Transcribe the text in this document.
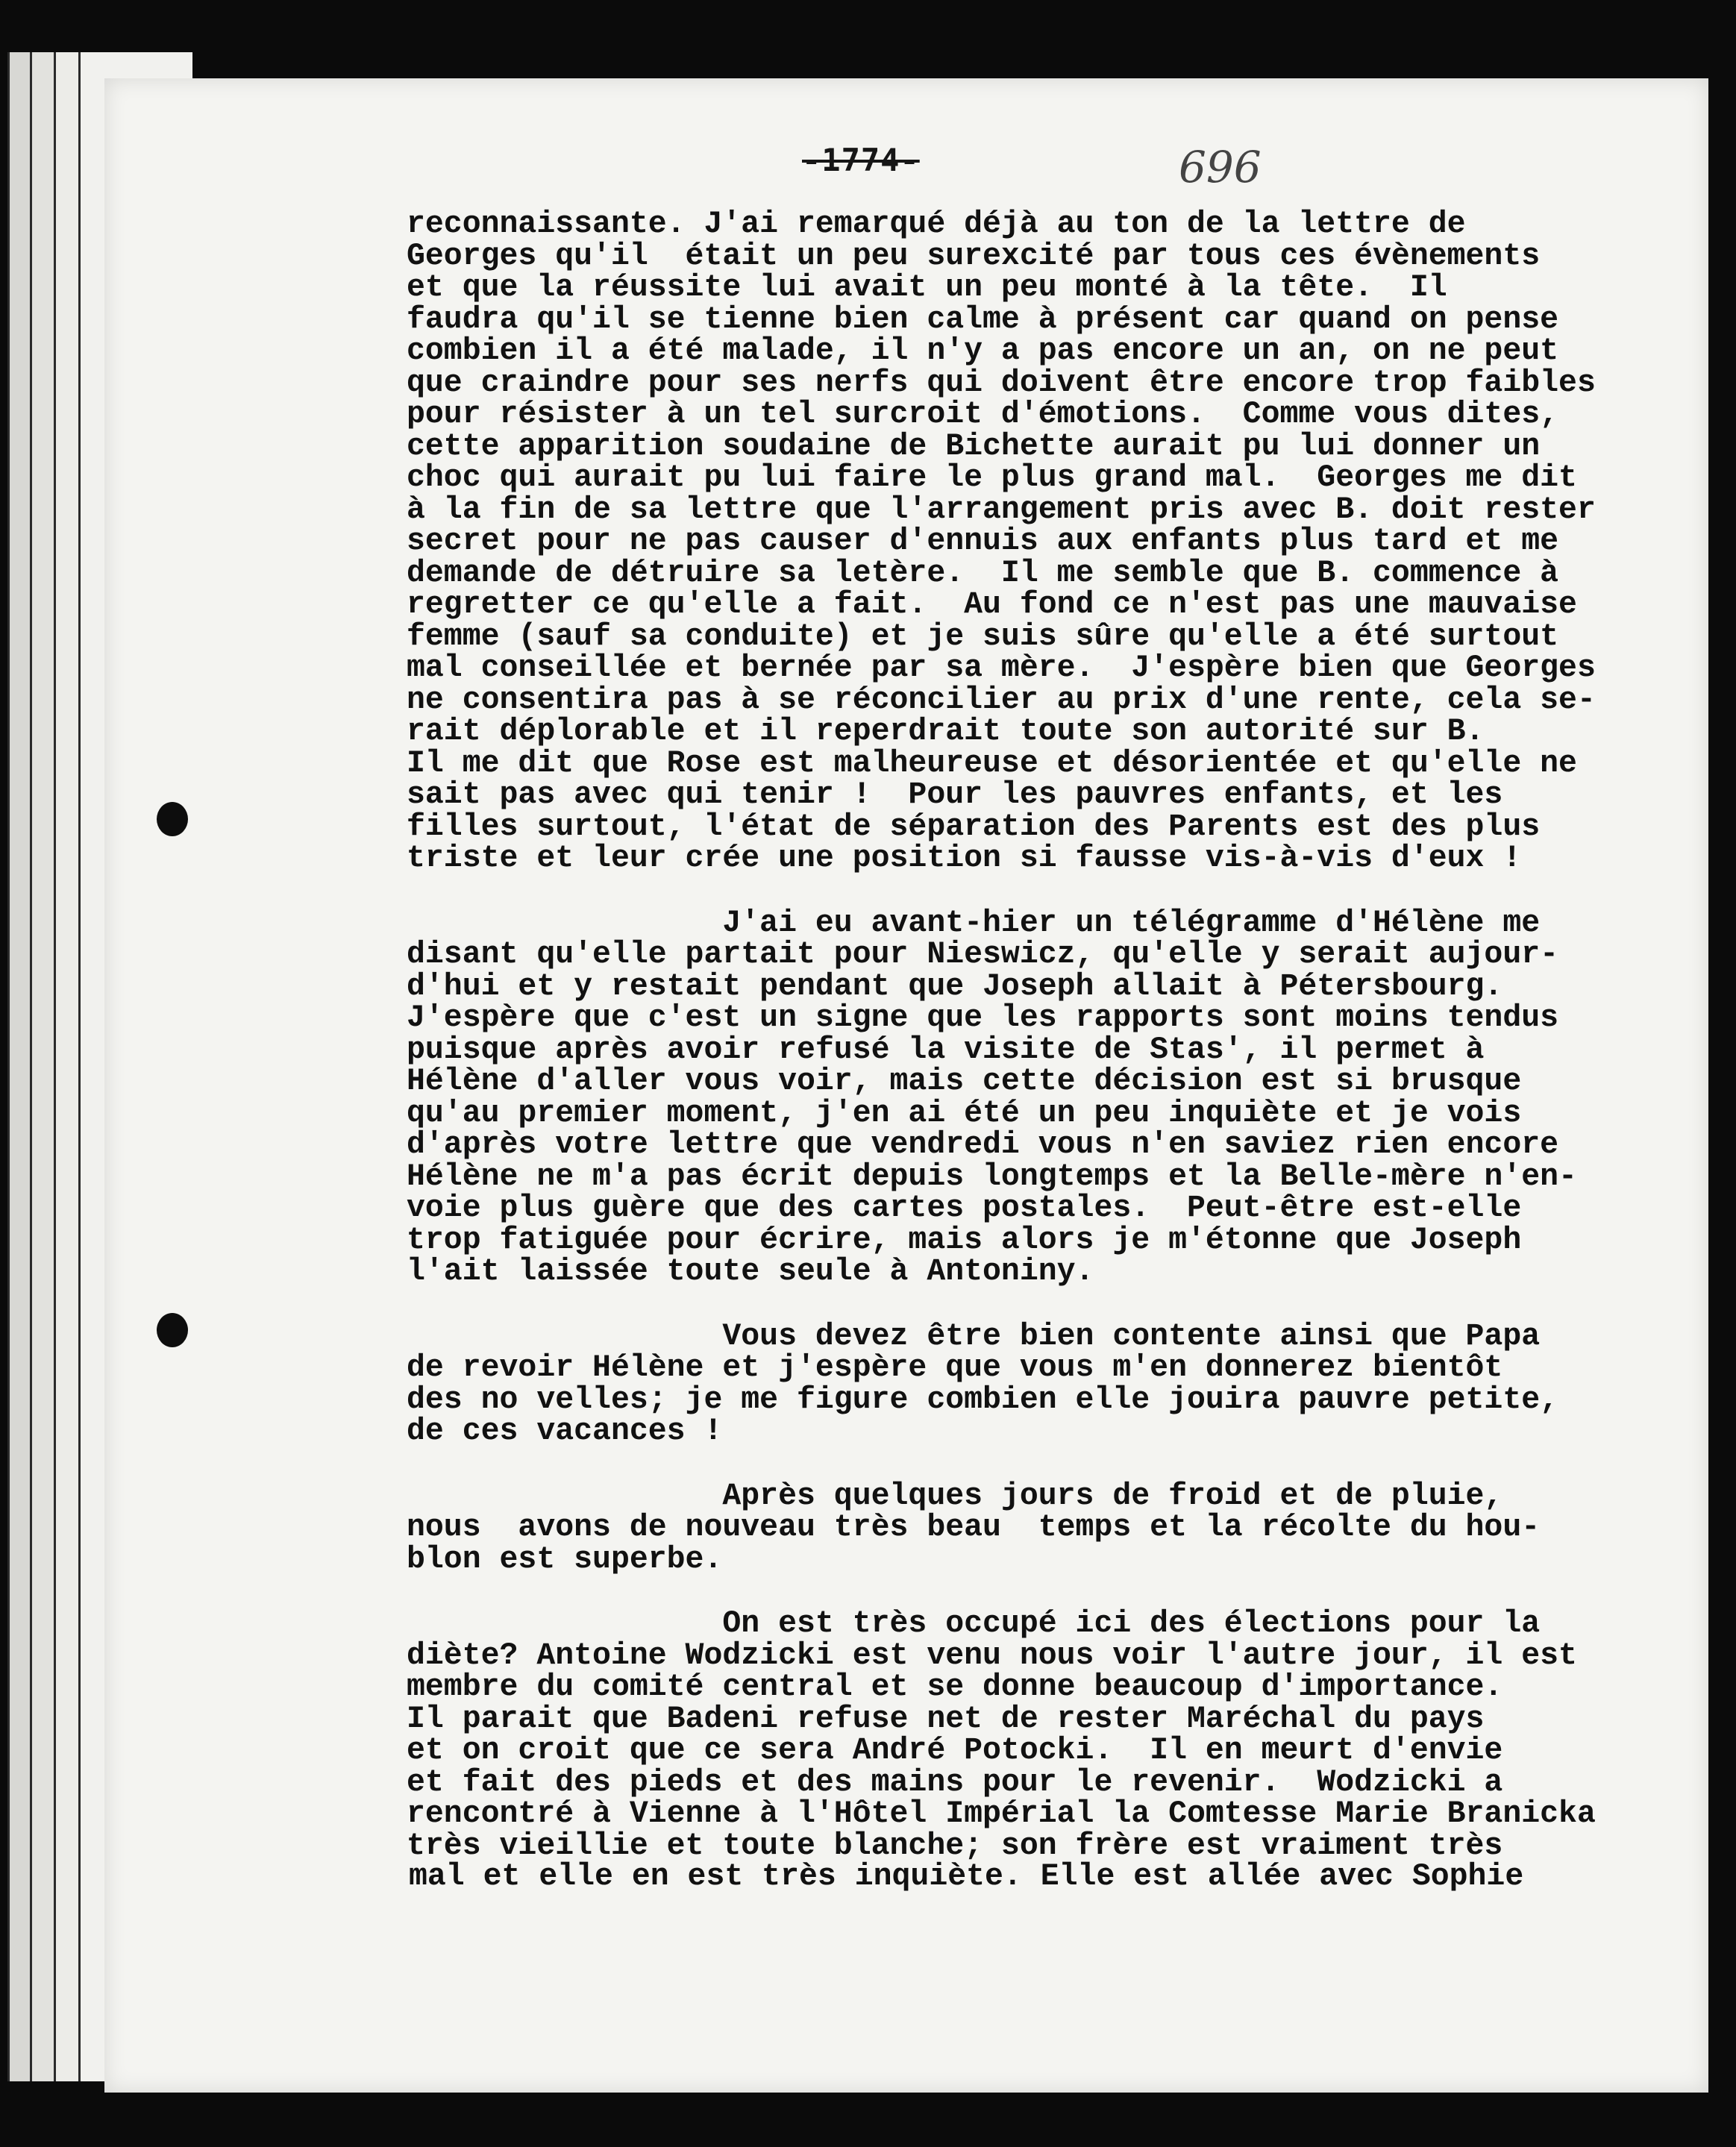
-1774-	696
reconnaissante. J'ai remarqué déjà au ton de la lettre de
Georges qu'il  était un peu surexcité par tous ces évènements
et que la réussite lui avait un peu monté à la tête.  Il
faudra qu'il se tienne bien calme à présent car quand on pense
combien il a été malade, il n'y a pas encore un an, on ne peut
que craindre pour ses nerfs qui doivent être encore trop faibles
pour résister à un tel surcroit d'émotions.  Comme vous dites,
cette apparition soudaine de Bichette aurait pu lui donner un
choc qui aurait pu lui faire le plus grand mal.  Georges me dit
à la fin de sa lettre que l'arrangement pris avec B. doit rester
secret pour ne pas causer d'ennuis aux enfants plus tard et me
demande de détruire sa letère.  Il me semble que B. commence à
regretter ce qu'elle a fait.  Au fond ce n'est pas une mauvaise
femme (sauf sa conduite) et je suis sûre qu'elle a été surtout
mal conseillée et bernée par sa mère.  J'espère bien que Georges
ne consentira pas à se réconcilier au prix d'une rente, cela se-
rait déplorable et il reperdrait toute son autorité sur B.
Il me dit que Rose est malheureuse et désorientée et qu'elle ne
sait pas avec qui tenir !  Pour les pauvres enfants, et les
filles surtout, l'état de séparation des Parents est des plus
triste et leur crée une position si fausse vis-à-vis d'eux !
J'ai eu avant-hier un télégramme d'Hélène me
disant qu'elle partait pour Nieswicz, qu'elle y serait aujour-
d'hui et y restait pendant que Joseph allait à Pétersbourg.
J'espère que c'est un signe que les rapports sont moins tendus
puisque après avoir refusé la visite de Stas', il permet à
Hélène d'aller vous voir, mais cette décision est si brusque
qu'au premier moment, j'en ai été un peu inquiète et je vois
d'après votre lettre que vendredi vous n'en saviez rien encore
Hélène ne m'a pas écrit depuis longtemps et la Belle-mère n'en-
voie plus guère que des cartes postales.  Peut-être est-elle
trop fatiguée pour écrire, mais alors je m'étonne que Joseph
l'ait laissée toute seule à Antoniny.
Vous devez être bien contente ainsi que Papa
de revoir Hélène et j'espère que vous m'en donnerez bientôt
des no velles; je me figure combien elle jouira pauvre petite,
de ces vacances !
Après quelques jours de froid et de pluie,
nous  avons de nouveau très beau  temps et la récolte du hou-
blon est superbe.
On est très occupé ici des élections pour la
diète? Antoine Wodzicki est venu nous voir l'autre jour, il est
membre du comité central et se donne beaucoup d'importance.
Il parait que Badeni refuse net de rester Maréchal du pays
et on croit que ce sera André Potocki.  Il en meurt d'envie
et fait des pieds et des mains pour le revenir.  Wodzicki a
rencontré à Vienne à l'Hôtel Impérial la Comtesse Marie Branicka
très vieillie et toute blanche; son frère est vraiment très
mal et elle en est très inquiète. Elle est allée avec Sophie
